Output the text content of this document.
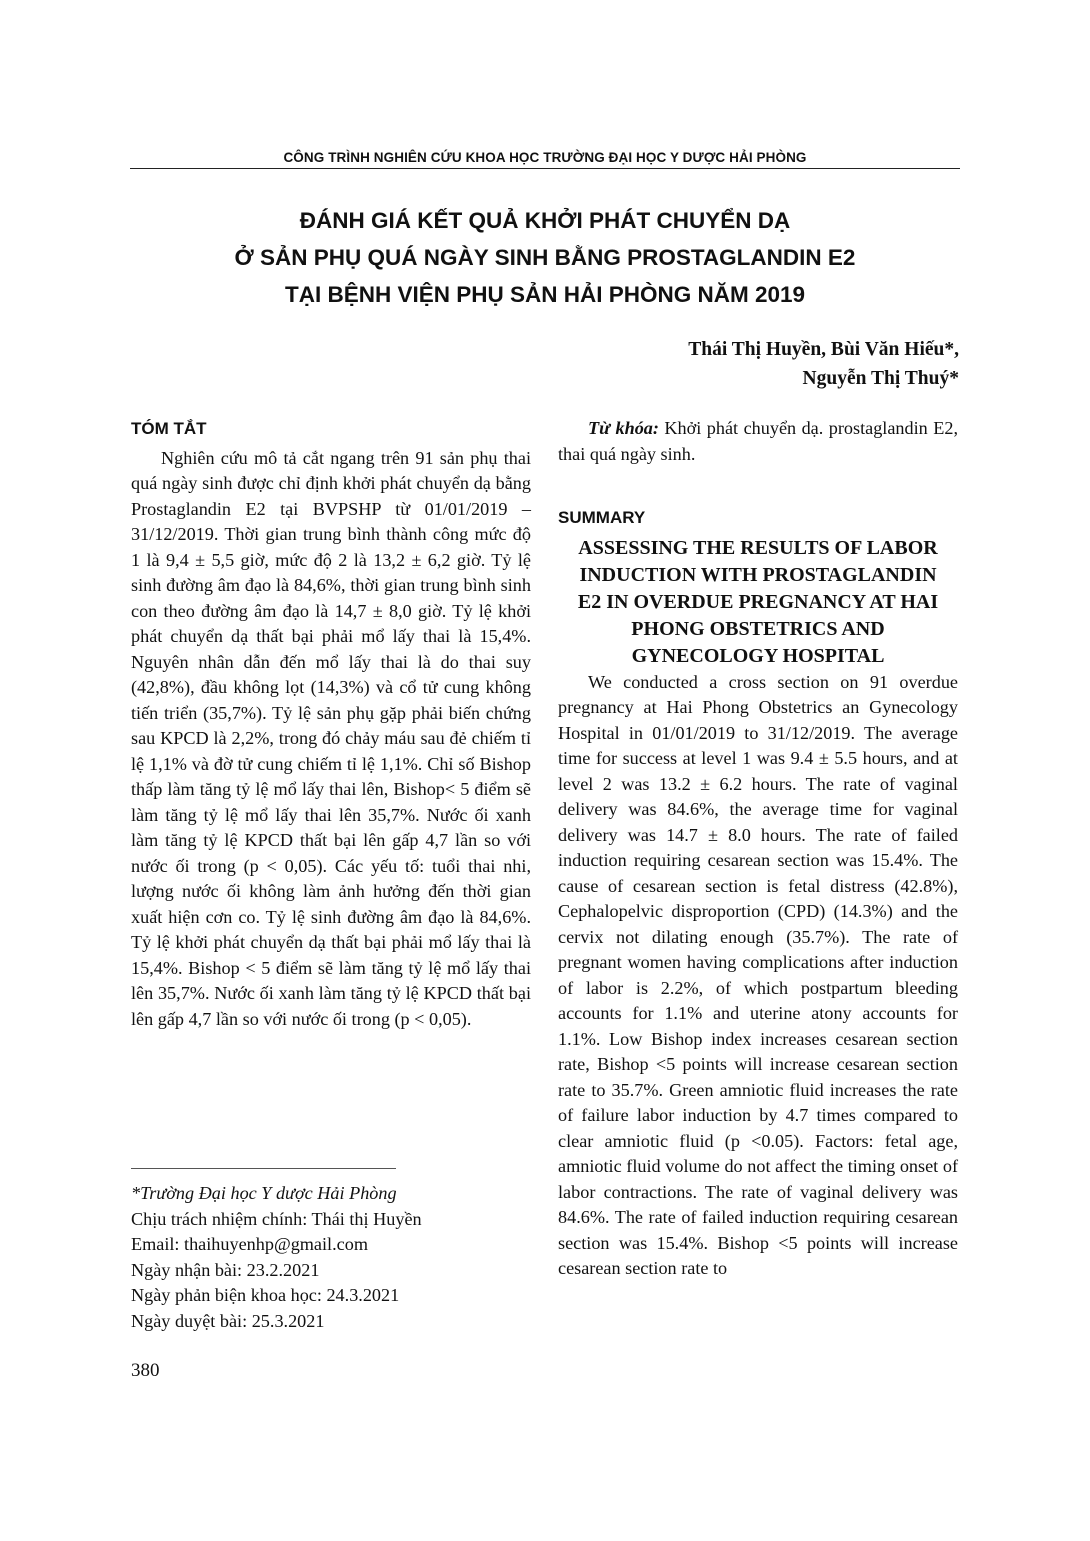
CÔNG TRÌNH NGHIÊN CỨU KHOA HỌC TRƯỜNG ĐẠI HỌC Y DƯỢC HẢI PHÒNG
ĐÁNH GIÁ KẾT QUẢ KHỞI PHÁT CHUYỂN DẠ
Ở SẢN PHỤ QUÁ NGÀY SINH BẰNG PROSTAGLANDIN E2
TẠI BỆNH VIỆN PHỤ SẢN HẢI PHÒNG NĂM 2019
Thái Thị Huyền, Bùi Văn Hiếu*,
Nguyễn Thị Thuý*
TÓM TẮT

Nghiên cứu mô tả cắt ngang trên 91 sản phụ thai quá ngày sinh được chỉ định khởi phát chuyển dạ bằng Prostaglandin E2 tại BVPSHP từ 01/01/2019 – 31/12/2019. Thời gian trung bình thành công mức độ 1 là 9,4 ± 5,5 giờ, mức độ 2 là 13,2 ± 6,2 giờ. Tỷ lệ sinh đường âm đạo là 84,6%, thời gian trung bình sinh con theo đường âm đạo là 14,7 ± 8,0 giờ. Tỷ lệ khởi phát chuyển dạ thất bại phải mổ lấy thai là 15,4%. Nguyên nhân dẫn đến mổ lấy thai là do thai suy (42,8%), đầu không lọt (14,3%) và cổ tử cung không tiến triển (35,7%). Tỷ lệ sản phụ gặp phải biến chứng sau KPCD là 2,2%, trong đó chảy máu sau đẻ chiếm tỉ lệ 1,1% và đờ tử cung chiếm tỉ lệ 1,1%. Chỉ số Bishop thấp làm tăng tỷ lệ mổ lấy thai lên, Bishop< 5 điểm sẽ làm tăng tỷ lệ mổ lấy thai lên 35,7%. Nước ối xanh làm tăng tỷ lệ KPCD thất bại lên gấp 4,7 lần so với nước ối trong (p < 0,05). Các yếu tố: tuổi thai nhi, lượng nước ối không làm ảnh hưởng đến thời gian xuất hiện cơn co. Tỷ lệ sinh đường âm đạo là 84,6%. Tỷ lệ khởi phát chuyển dạ thất bại phải mổ lấy thai là 15,4%. Bishop < 5 điểm sẽ làm tăng tỷ lệ mổ lấy thai lên 35,7%. Nước ối xanh làm tăng tỷ lệ KPCD thất bại lên gấp 4,7 lần so với nước ối trong (p < 0,05).

Từ khóa: Khởi phát chuyển dạ. prostaglandin E2, thai quá ngày sinh.

SUMMARY
ASSESSING THE RESULTS OF LABOR
INDUCTION WITH PROSTAGLANDIN
E2 IN OVERDUE PREGNANCY AT HAI
PHONG OBSTETRICS AND
GYNECOLOGY HOSPITAL

We conducted a cross section on 91 overdue pregnancy at Hai Phong Obstetrics an Gynecology Hospital in 01/01/2019 to 31/12/2019. The average time for success at level 1 was 9.4 ± 5.5 hours, and at level 2 was 13.2 ± 6.2 hours. The rate of vaginal delivery was 84.6%, the average time for vaginal delivery was 14.7 ± 8.0 hours. The rate of failed induction requiring cesarean section was 15.4%. The cause of cesarean section is fetal distress (42.8%), Cephalopelvic disproportion (CPD) (14.3%) and the cervix not dilating enough (35.7%). The rate of pregnant women having complications after induction of labor is 2.2%, of which postpartum bleeding accounts for 1.1% and uterine atony accounts for 1.1%. Low Bishop index increases cesarean section rate, Bishop <5 points will increase cesarean section rate to 35.7%. Green amniotic fluid increases the rate of failure labor induction by 4.7 times compared to clear amniotic fluid (p <0.05). Factors: fetal age, amniotic fluid volume do not affect the timing onset of labor contractions. The rate of vaginal delivery was 84.6%. The rate of failed induction requiring cesarean section was 15.4%. Bishop <5 points will increase cesarean section rate to

*Trường Đại học Y dược Hải Phòng
Chịu trách nhiệm chính: Thái thị Huyền
Email: thaihuyenhp@gmail.com
Ngày nhận bài: 23.2.2021
Ngày phản biện khoa học: 24.3.2021
Ngày duyệt bài: 25.3.2021
380
